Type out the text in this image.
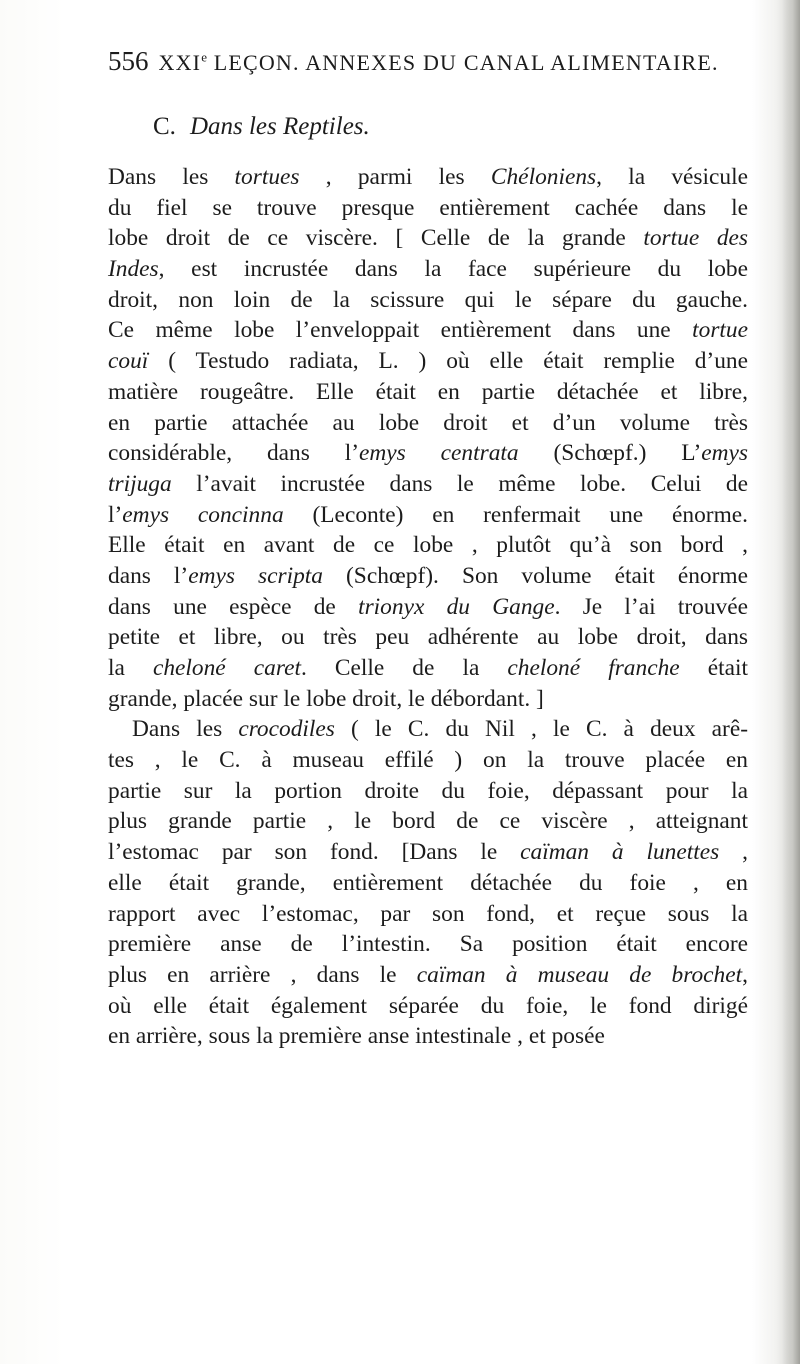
556 XXIe LEÇON. ANNEXES DU CANAL ALIMENTAIRE.
C. Dans les Reptiles.
Dans les tortues , parmi les Chéloniens, la vésicule
du fiel se trouve presque entièrement cachée dans le
lobe droit de ce viscère. [ Celle de la grande tortue des
Indes, est incrustée dans la face supérieure du lobe
droit, non loin de la scissure qui le sépare du gauche.
Ce même lobe l’enveloppait entièrement dans une tortue
couï ( Testudo radiata, L. ) où elle était remplie d’une
matière rougeâtre. Elle était en partie détachée et libre,
en partie attachée au lobe droit et d’un volume très
considérable, dans l’emys centrata (Schœpf.) L’emys
trijuga l’avait incrustée dans le même lobe. Celui de
l’emys concinna (Leconte) en renfermait une énorme.
Elle était en avant de ce lobe , plutôt qu’à son bord ,
dans l’emys scripta (Schœpf). Son volume était énorme
dans une espèce de trionyx du Gange. Je l’ai trouvée
petite et libre, ou très peu adhérente au lobe droit, dans
la cheloné caret. Celle de la cheloné franche était
grande, placée sur le lobe droit, le débordant. ]
Dans les crocodiles ( le C. du Nil , le C. à deux arê-
tes , le C. à museau effilé ) on la trouve placée en
partie sur la portion droite du foie, dépassant pour la
plus grande partie , le bord de ce viscère , atteignant
l’estomac par son fond. [Dans le caïman à lunettes ,
elle était grande, entièrement détachée du foie , en
rapport avec l’estomac, par son fond, et reçue sous la
première anse de l’intestin. Sa position était encore
plus en arrière , dans le caïman à museau de brochet,
où elle était également séparée du foie, le fond dirigé
en arrière, sous la première anse intestinale , et posée
